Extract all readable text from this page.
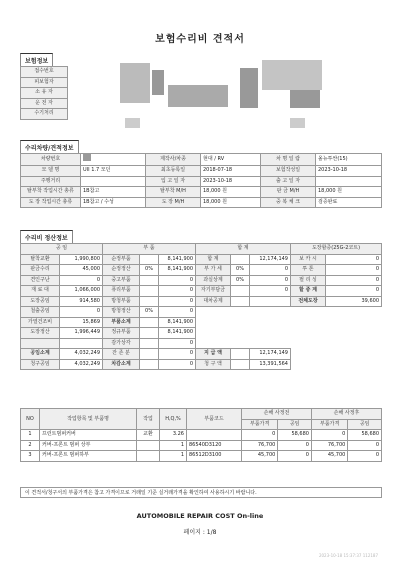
보험수리비 견적서
보험정보
접수번호
피보험자
소 유 자
운 전 자
수기처리
수리차량/견적정보
차량번호		제작사/차종	현대 / RV	차 명 일 람	올뉴투싼(15)
모 델 명	UII 1.7 모던	최초등록일	2018-07-18	보험작성일	2023-10-18
주행거리		입 고 일 자	2023-10-18	출 고 일 자	
탈부착 작업시간 총류	1B참고	탈부착 M/H	18,000 원	판 금 M/H	18,000 원
도 장 작업시간 총류	1B참고 / 수성	도 장 M/H	18,000 원	중 복 체 크	검증완료
수리비 정산정보
공 임		부 품			합 계			도장할증(25G-2코트)	
탈착교환	1,990,800	순정부품		8,141,900	합 계		12,174,149	보 카 시	0
판금수리	45,000	순정정산	0%	8,141,900	부 가 세	0%	0	투 톤	0
견인구난	0	중고부품		0	과실상계	0%	0	펄 리 싱	0
재 료 대	1,066,000	퓨리부품		0	자기부담금		0	할 증 계	0
도장공임	914,580	방청부품		0	대차공제			전체도장	39,600
철출공임	0	방청정산	0%	0					
가열건조비	15,869	부품소계		8,141,900					
도장정산	1,996,449	정규부품		8,141,900					
		감가상각		0					
공임소계	4,032,249	잔 존 분		0	지 급 액		12,174,149		
청구공임	4,032,249	차감소계		0	청 구 액		13,391,564		
NO	작업항목 및 부품명	작업	H,Q,%	부품코드	손해 사정전		손해 사정후	
					부품가격	공임	부품가격	공임
1	프런트범퍼커버	교환	3.26		0	58,680	0	58,680
2	커버-프론트 범퍼 상부		1	86540D3120	76,700	0	76,700	0
3	커버-프론트 범퍼하부		1	86512D3100	45,700	0	45,700	0
이 견적서/청구서의 부품가격은 참고 가격이므로 거래일 기준 실거래가격을 확인하여 사용하시기 바랍니다.
AUTOMOBILE REPAIR COST On-line
페이지 : 1/8
2023-10-18 15:37:37 112187
